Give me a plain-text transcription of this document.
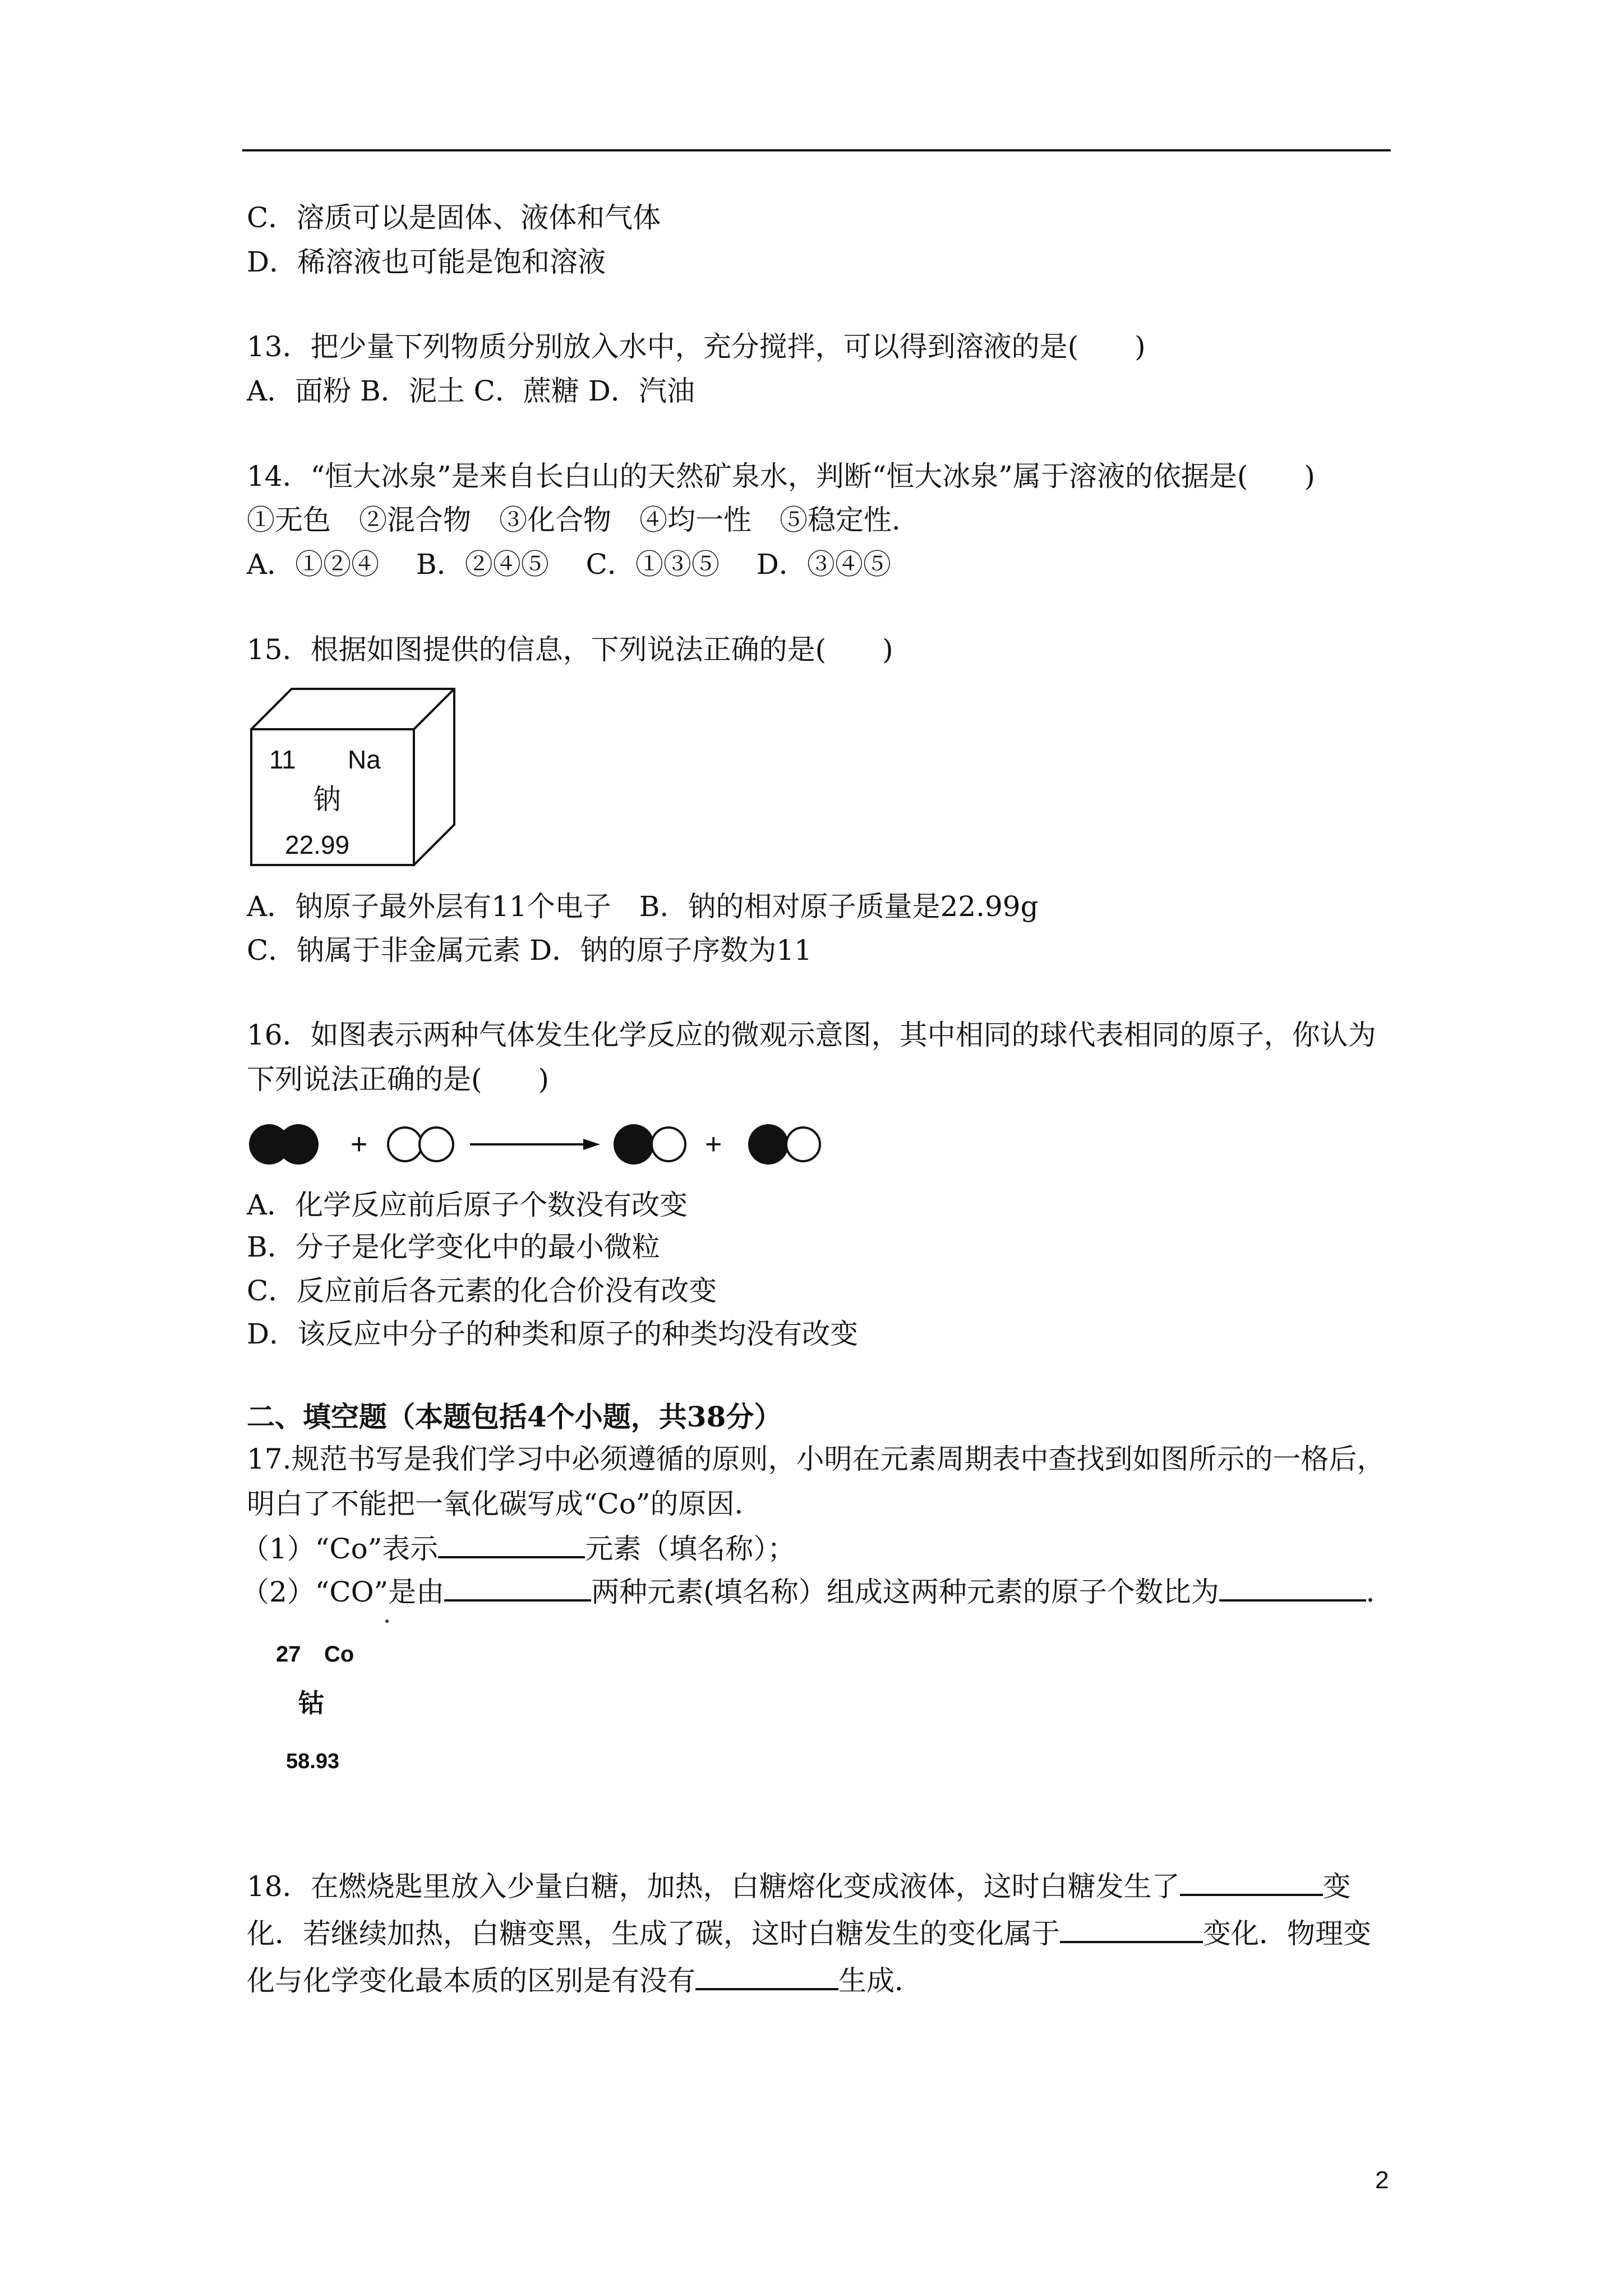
C．溶质可以是固体、液体和气体
D．稀溶液也可能是饱和溶液
13．把少量下列物质分别放入水中，充分搅拌，可以得到溶液的是(　　)
A．面粉 B．泥土 C．蔗糖 D．汽油
14．“恒大冰泉”是来自长白山的天然矿泉水，判断“恒大冰泉”属于溶液的依据是(　　)
①无色　②混合物　③化合物　④均一性　⑤稳定性．
A．①②④　 B．②④⑤　 C．①③⑤　 D．③④⑤
15．根据如图提供的信息，下列说法正确的是(　　)
11 Na
钠
22.99
A．钠原子最外层有11个电子　B．钠的相对原子质量是22.99g
C．钠属于非金属元素 D．钠的原子序数为11
16．如图表示两种气体发生化学反应的微观示意图，其中相同的球代表相同的原子，你认为
下列说法正确的是(　　)
+	+
A．化学反应前后原子个数没有改变
B．分子是化学变化中的最小微粒
C．反应前后各元素的化合价没有改变
D．该反应中分子的种类和原子的种类均没有改变
二、填空题（本题包括4个小题，共38分）
17.规范书写是我们学习中必须遵循的原则，小明在元素周期表中查找到如图所示的一格后，
明白了不能把一氧化碳写成“Co”的原因．
（1）“Co”表示	元素（填名称）；
（2）“CO”是由	两种元素(填名称）组成这两种元素的原子个数比为	．
27 Co
钴
58.93
18．在燃烧匙里放入少量白糖，加热，白糖熔化变成液体，这时白糖发生了	变
化．若继续加热，白糖变黑，生成了碳，这时白糖发生的变化属于	变化．物理变
化与化学变化最本质的区别是有没有	生成．
2
